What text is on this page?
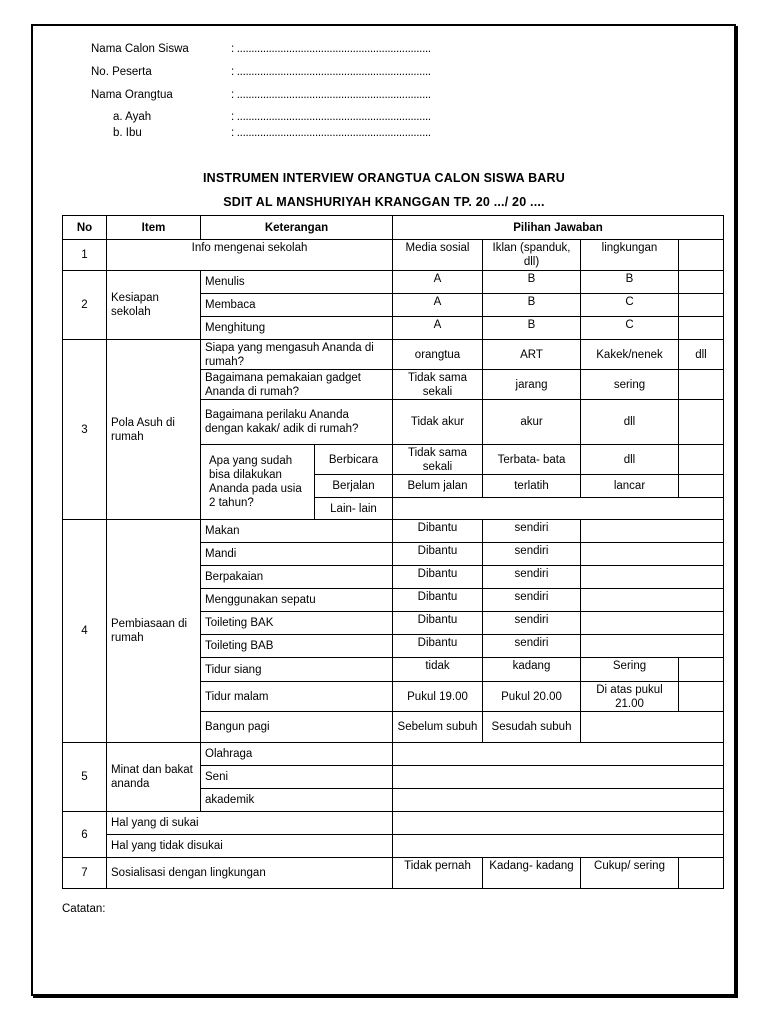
Nama Calon Siswa	: ...................................................................
No. Peserta	: ...................................................................
Nama Orangtua	: ...................................................................
a. Ayah	: ...................................................................
b. Ibu	: ...................................................................
INSTRUMEN INTERVIEW ORANGTUA CALON SISWA BARU
SDIT AL MANSHURIYAH KRANGGAN TP. 20 .../ 20 ....
No	Item	Keterangan		Pilihan Jawaban			
1	Info mengenai sekolah			Media sosial	Iklan (spanduk, dll)	lingkungan	
2	Kesiapan sekolah	Menulis		A	B	B	
		Membaca		A	B	C	
		Menghitung		A	B	C	
3	Pola Asuh di rumah	Siapa yang mengasuh Ananda di rumah?		orangtua	ART	Kakek/nenek	dll
		Bagaimana pemakaian gadget Ananda di rumah?		Tidak sama sekali	jarang	sering	
		Bagaimana perilaku Ananda dengan kakak/ adik di rumah?		Tidak akur	akur	dll	
		Apa yang sudah bisa dilakukan Ananda pada usia 2 tahun?	Berbicara	Tidak sama sekali	Terbata- bata	dll	
			Berjalan	Belum jalan	terlatih	lancar	
			Lain- lain				
4	Pembiasaan di rumah	Makan		Dibantu	sendiri		
		Mandi		Dibantu	sendiri		
		Berpakaian		Dibantu	sendiri		
		Menggunakan sepatu		Dibantu	sendiri		
		Toileting BAK		Dibantu	sendiri		
		Toileting BAB		Dibantu	sendiri		
		Tidur siang		tidak	kadang	Sering	
		Tidur malam		Pukul 19.00	Pukul 20.00	Di atas pukul 21.00	
		Bangun pagi		Sebelum subuh	Sesudah subuh		
5	Minat dan bakat ananda	Olahraga					
		Seni					
		akademik					
6	Hal yang di sukai						
	Hal yang tidak disukai						
7	Sosialisasi dengan lingkungan			Tidak pernah	Kadang- kadang	Cukup/ sering	
Catatan:
